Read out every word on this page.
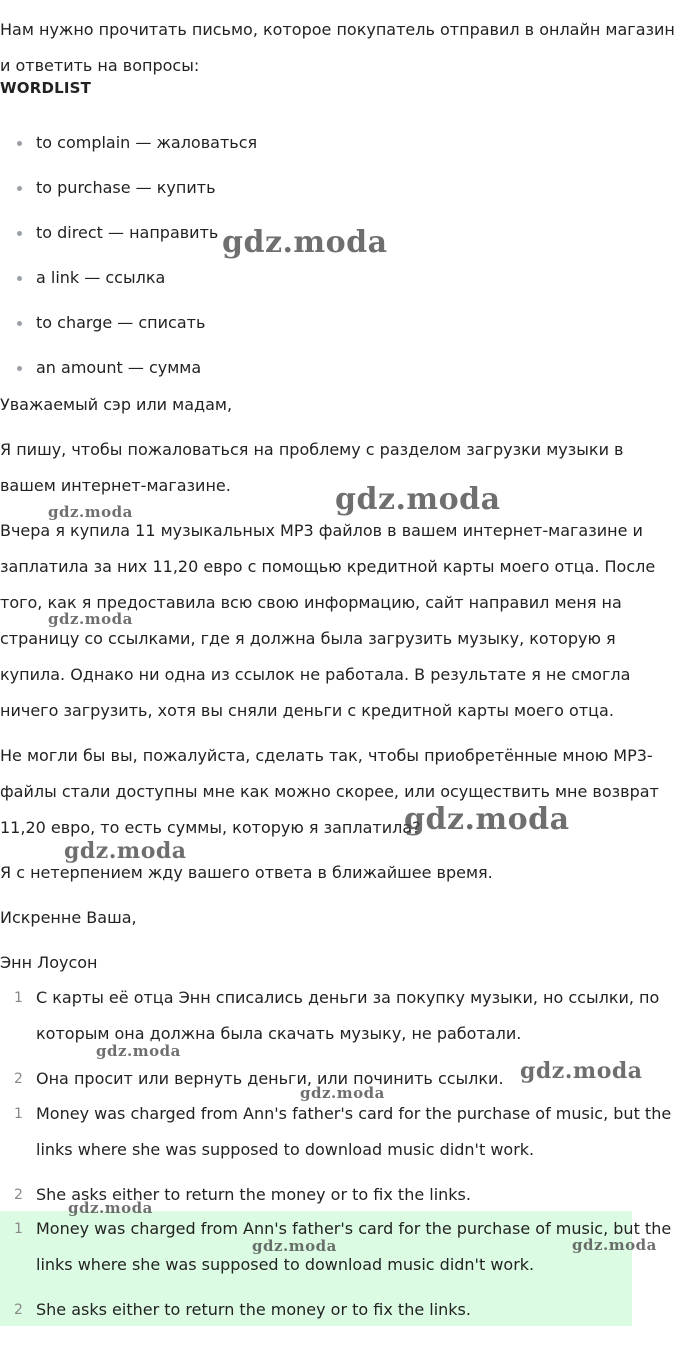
Нам нужно прочитать письмо, которое покупатель отправил в онлайн магазин и ответить на вопросы:

WORDLIST
to complain — жаловаться
to purchase — купить
to direct — направить
a link — ссылка
to charge — списать
an amount — сумма

Уважаемый сэр или мадам,

Я пишу, чтобы пожаловаться на проблему с разделом загрузки музыки в вашем интернет-магазине.

Вчера я купила 11 музыкальных MP3 файлов в вашем интернет-магазине и заплатила за них 11,20 евро с помощью кредитной карты моего отца. После того, как я предоставила всю свою информацию, сайт направил меня на страницу со ссылками, где я должна была загрузить музыку, которую я купила. Однако ни одна из ссылок не работала. В результате я не смогла ничего загрузить, хотя вы сняли деньги с кредитной карты моего отца.

Не могли бы вы, пожалуйста, сделать так, чтобы приобретённые мною MP3-файлы стали доступны мне как можно скорее, или осуществить мне возврат 11,20 евро, то есть суммы, которую я заплатила?

Я с нетерпением жду вашего ответа в ближайшее время.

Искренне Ваша,

Энн Лоусон

1 С карты её отца Энн списались деньги за покупку музыки, но ссылки, по которым она должна была скачать музыку, не работали.
2 Она просит или вернуть деньги, или починить ссылки.
1 Money was charged from Ann's father's card for the purchase of music, but the links where she was supposed to download music didn't work.
2 She asks either to return the money or to fix the links.
1 Money was charged from Ann's father's card for the purchase of music, but the links where she was supposed to download music didn't work.
2 She asks either to return the money or to fix the links.
gdz.moda
gdz.moda
gdz.moda
gdz.moda
gdz.moda
gdz.moda
gdz.moda
gdz.moda
gdz.moda
gdz.moda
gdz.moda	gdz.moda
